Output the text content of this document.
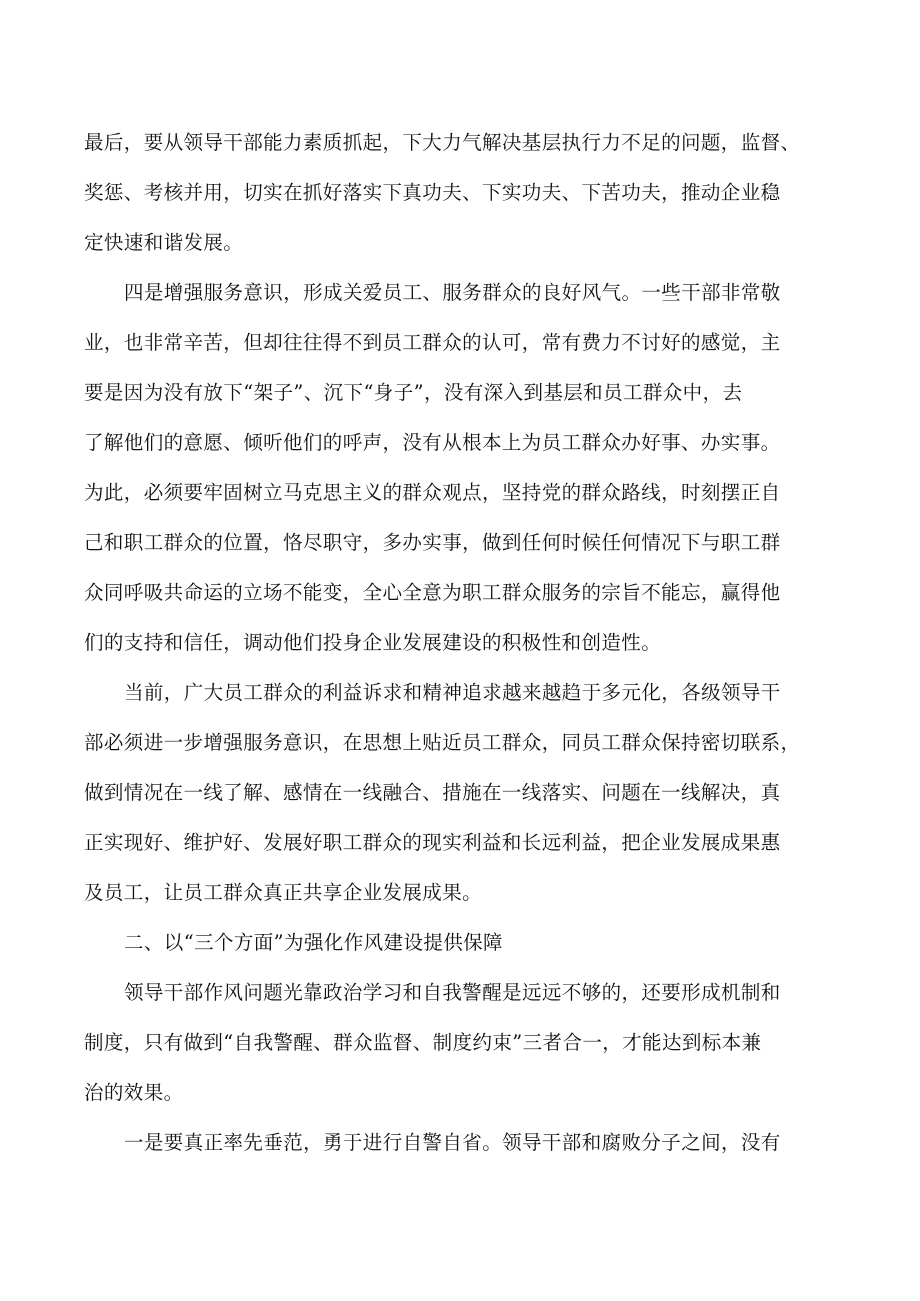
最后，要从领导干部能力素质抓起，下大力气解决基层执行力不足的问题，监督、
奖惩、考核并用，切实在抓好落实下真功夫、下实功夫、下苦功夫，推动企业稳
定快速和谐发展。
四是增强服务意识，形成关爱员工、服务群众的良好风气。一些干部非常敬
业，也非常辛苦，但却往往得不到员工群众的认可，常有费力不讨好的感觉，主
要是因为没有放下“架子”、沉下“身子”，没有深入到基层和员工群众中，去
了解他们的意愿、倾听他们的呼声，没有从根本上为员工群众办好事、办实事。
为此，必须要牢固树立马克思主义的群众观点，坚持党的群众路线，时刻摆正自
己和职工群众的位置，恪尽职守，多办实事，做到任何时候任何情况下与职工群
众同呼吸共命运的立场不能变，全心全意为职工群众服务的宗旨不能忘，赢得他
们的支持和信任，调动他们投身企业发展建设的积极性和创造性。
当前，广大员工群众的利益诉求和精神追求越来越趋于多元化，各级领导干
部必须进一步增强服务意识，在思想上贴近员工群众，同员工群众保持密切联系，
做到情况在一线了解、感情在一线融合、措施在一线落实、问题在一线解决，真
正实现好、维护好、发展好职工群众的现实利益和长远利益，把企业发展成果惠
及员工，让员工群众真正共享企业发展成果。
二、以“三个方面”为强化作风建设提供保障
领导干部作风问题光靠政治学习和自我警醒是远远不够的，还要形成机制和
制度，只有做到“自我警醒、群众监督、制度约束”三者合一，才能达到标本兼
治的效果。
一是要真正率先垂范，勇于进行自警自省。领导干部和腐败分子之间，没有
